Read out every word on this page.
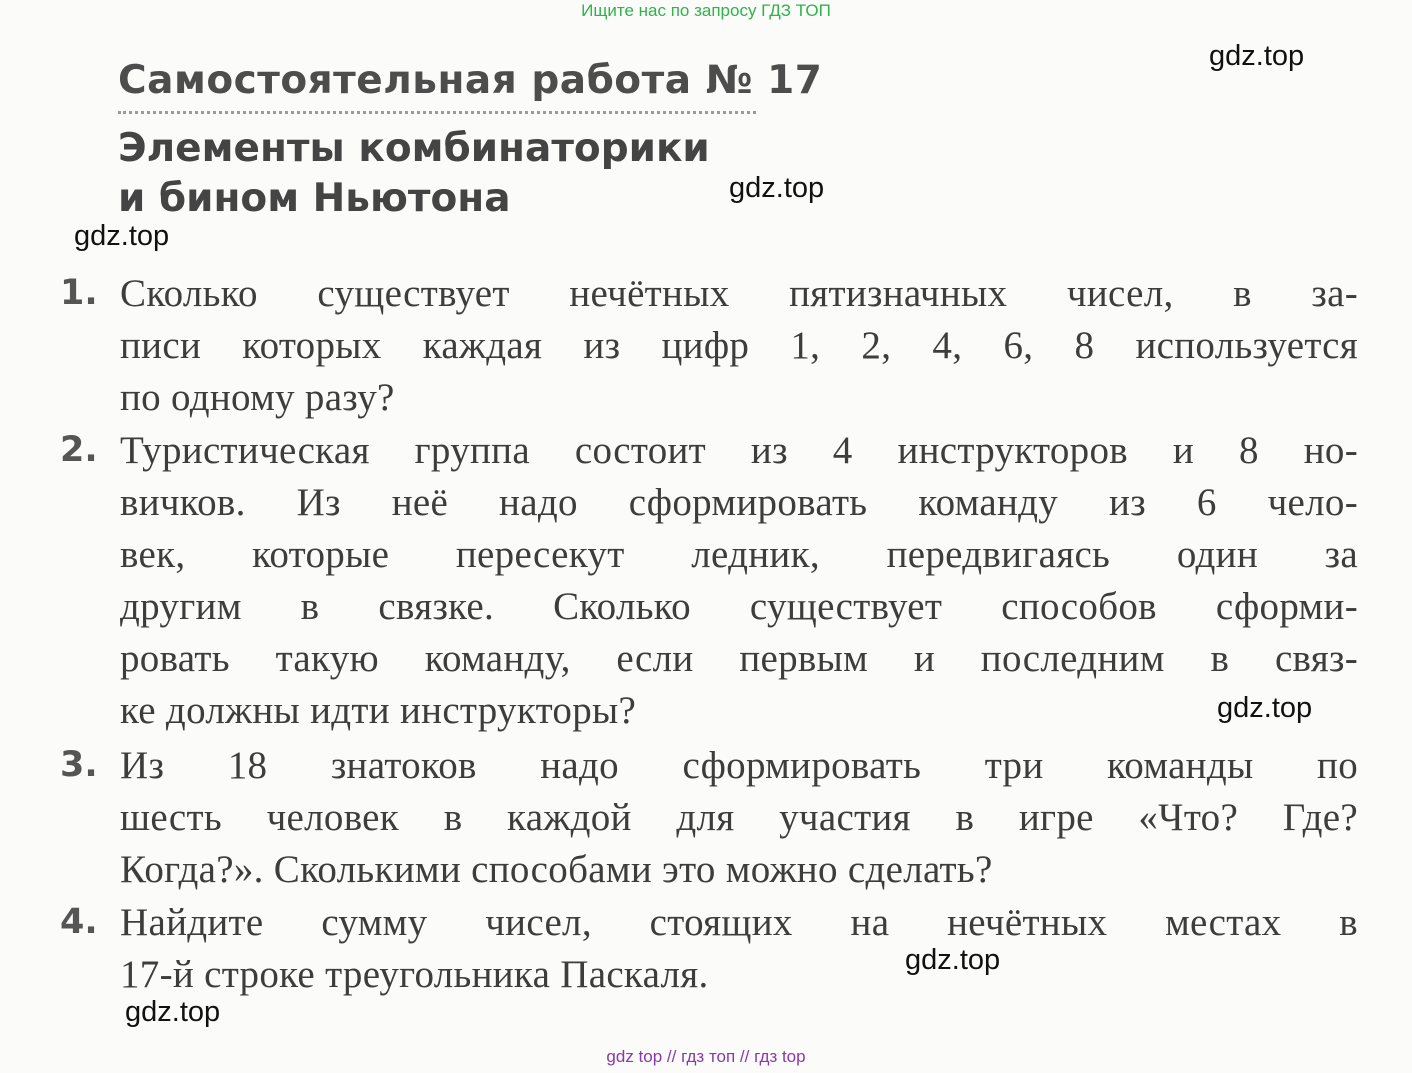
Ищите нас по запросу ГДЗ ТОП
gdz.top
gdz.top
gdz.top
gdz.top
gdz.top
gdz.top
Самостоятельная работа № 17
Элементы комбинаторики
и бином Ньютона
1. Сколько существует нечётных пятизначных чисел, в за-
писи которых каждая из цифр 1, 2, 4, 6, 8 используется
по одному разу?
2. Туристическая группа состоит из 4 инструкторов и 8 но-
вичков. Из неё надо сформировать команду из 6 чело-
век, которые пересекут ледник, передвигаясь один за
другим в связке. Сколько существует способов сформи-
ровать такую команду, если первым и последним в связ-
ке должны идти инструкторы?
3. Из 18 знатоков надо сформировать три команды по
шесть человек в каждой для участия в игре «Что? Где?
Когда?». Сколькими способами это можно сделать?
4. Найдите сумму чисел, стоящих на нечётных местах в
17-й строке треугольника Паскаля.
gdz top // гдз топ // гдз top
